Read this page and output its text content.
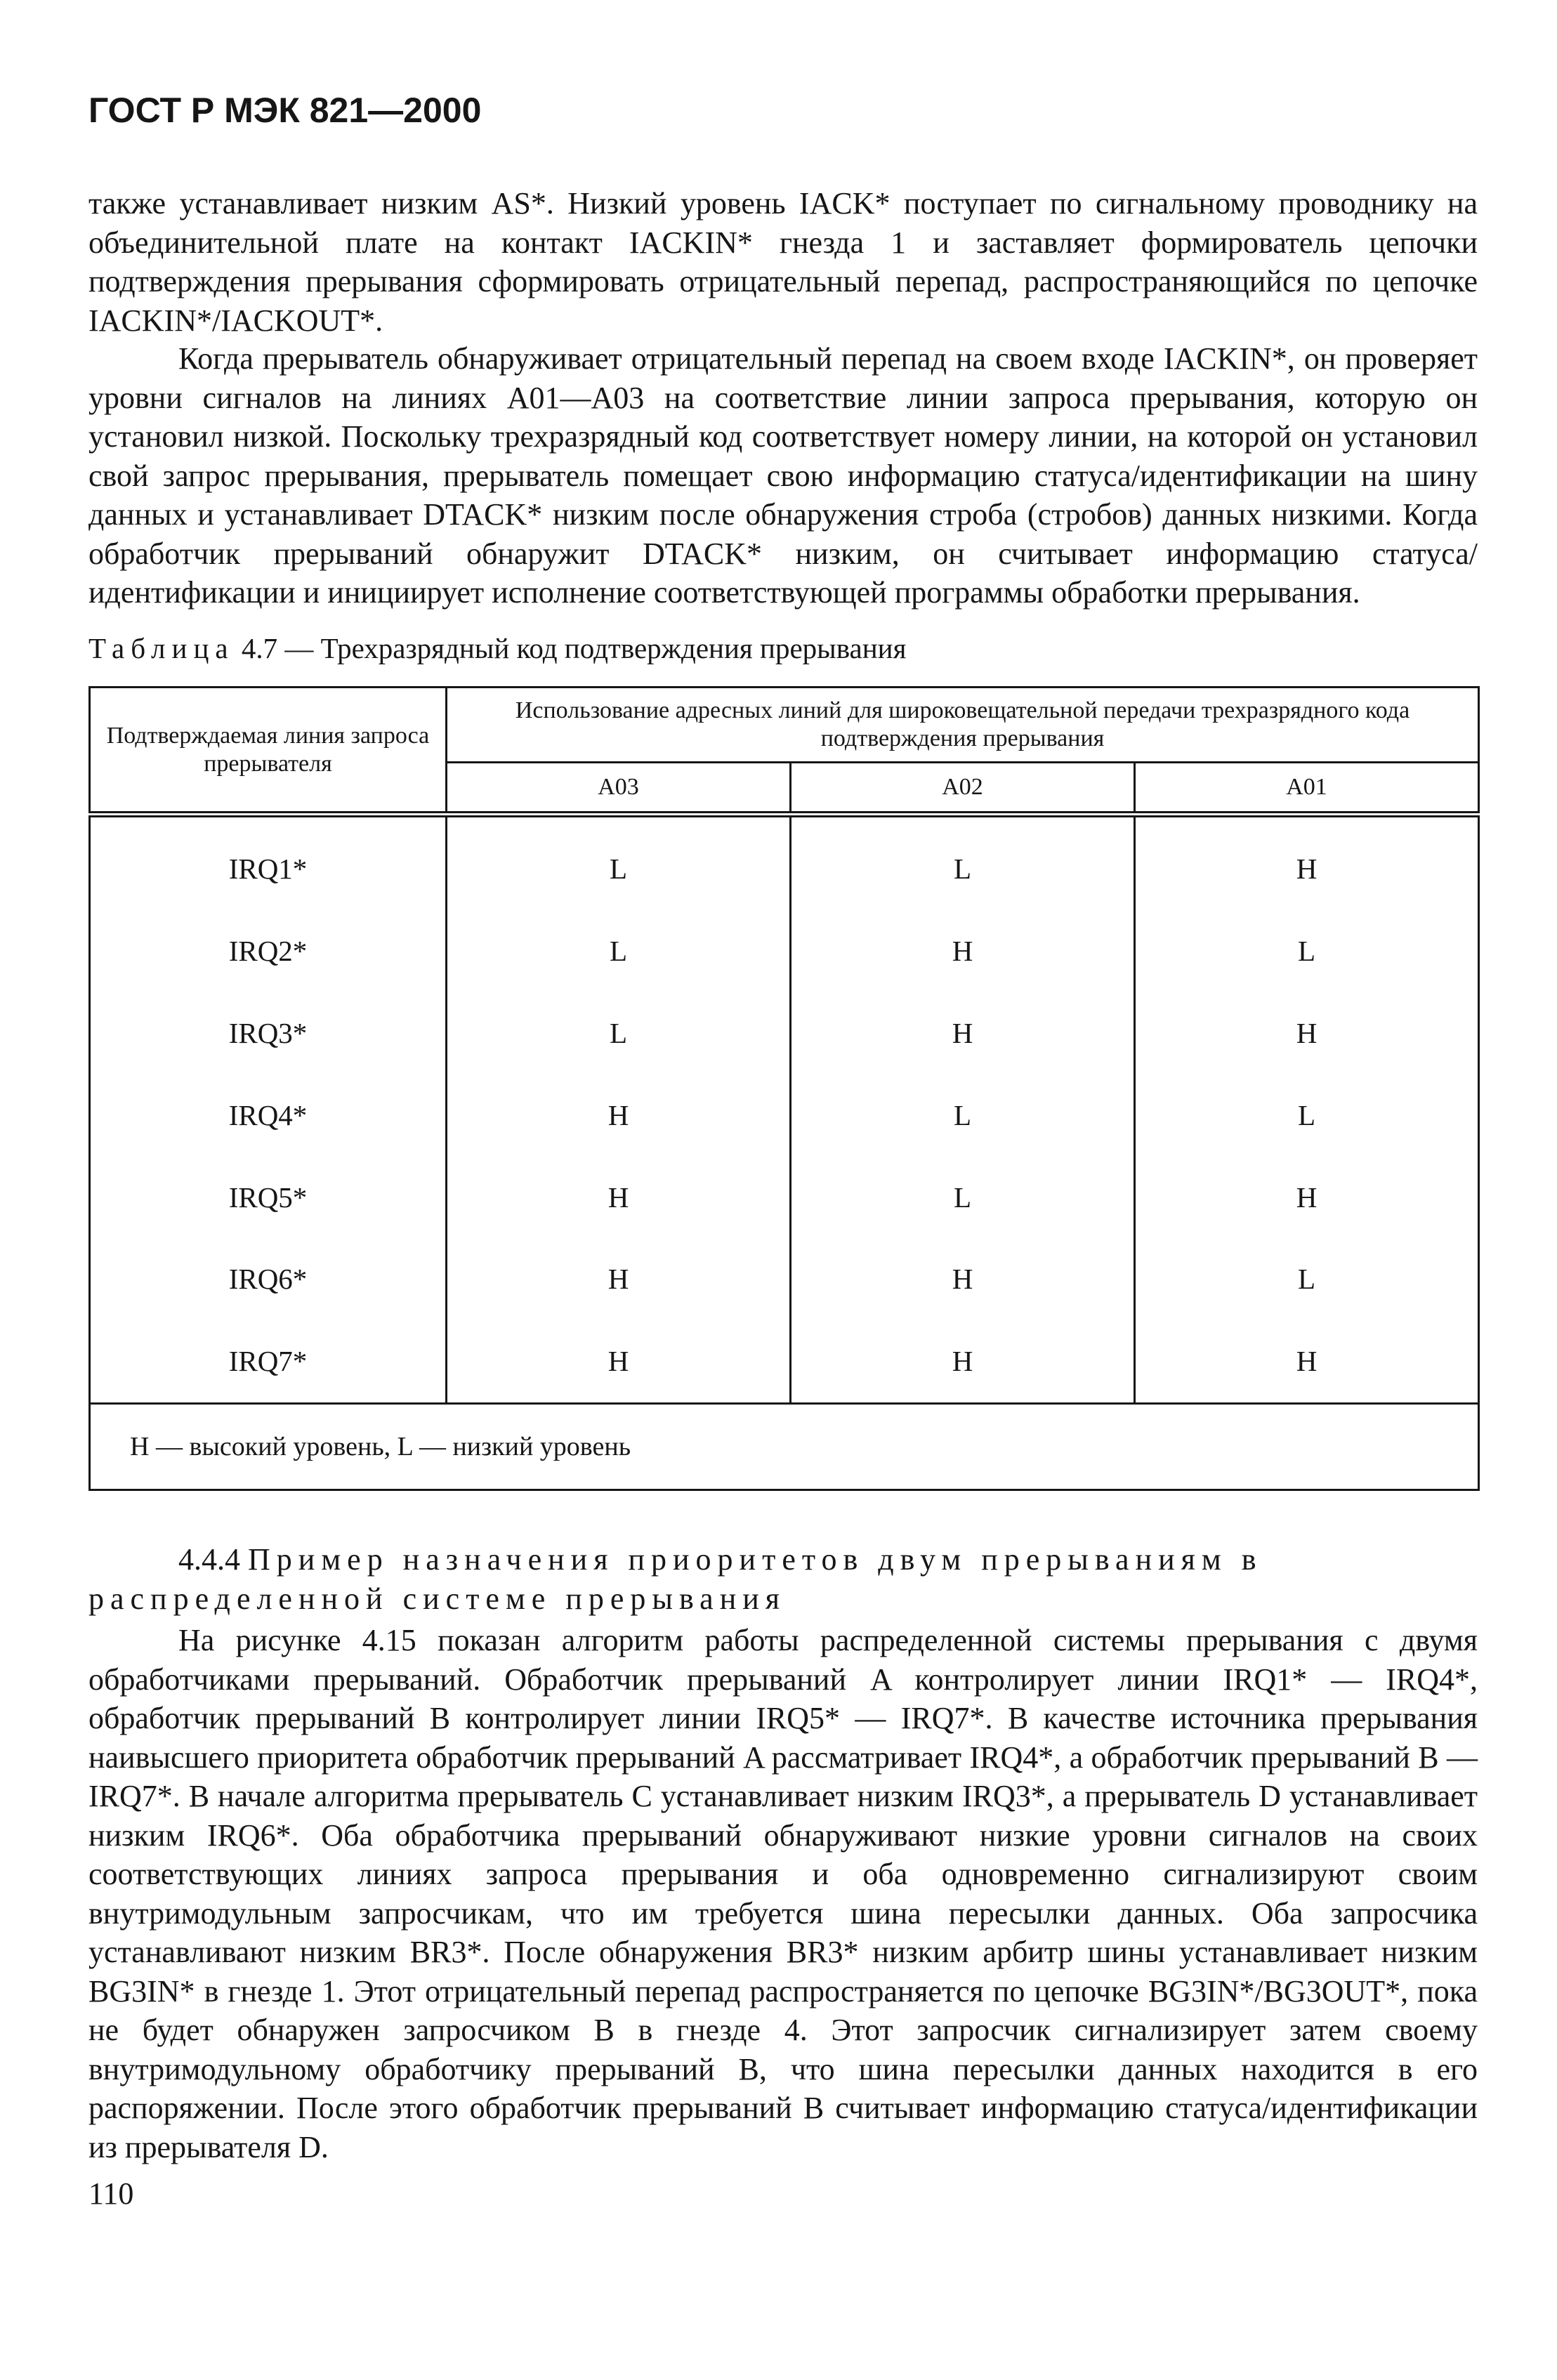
ГОСТ Р МЭК 821—2000

также устанавливает низким AS*. Низкий уровень IACK* поступает по сигнальному проводнику на объединительной плате на контакт IACKIN* гнезда 1 и заставляет формирователь цепочки подтверждения прерывания сформировать отрицательный перепад, распространяющийся по цепочке IACKIN*/IACKOUT*.

Когда прерыватель обнаруживает отрицательный перепад на своем входе IACKIN*, он проверяет уровни сигналов на линиях A01—A03 на соответствие линии запроса прерывания, которую он установил низкой. Поскольку трехразрядный код соответствует номеру линии, на которой он установил свой запрос прерывания, прерыватель помещает свою информацию статуса/идентификации на шину данных и устанавливает DTACK* низким после обнаружения строба (стробов) данных низкими. Когда обработчик прерываний обнаружит DTACK* низким, он считывает информацию статуса/идентификации и инициирует исполнение соответствующей программы обработки прерывания.

Таблица 4.7 — Трехразрядный код подтверждения прерывания
Подтверждаемая линия запроса прерывателя	Использование адресных линий для широковещательной передачи трехразрядного кода подтверждения прерывания		
	A03	A02	A01
IRQ1*	L	L	H
IRQ2*	L	H	L
IRQ3*	L	H	H
IRQ4*	H	L	L
IRQ5*	H	L	H
IRQ6*	H	H	L
IRQ7*	H	H	H
H — высокий уровень, L — низкий уровень			

4.4.4 Пример назначения приоритетов двум прерываниям в распределенной системе прерывания

На рисунке 4.15 показан алгоритм работы распределенной системы прерывания с двумя обработчиками прерываний. Обработчик прерываний A контролирует линии IRQ1* — IRQ4*, обработчик прерываний B контролирует линии IRQ5* — IRQ7*. В качестве источника прерывания наивысшего приоритета обработчик прерываний A рассматривает IRQ4*, а обработчик прерываний B — IRQ7*. В начале алгоритма прерыватель C устанавливает низким IRQ3*, а прерыватель D устанавливает низким IRQ6*. Оба обработчика прерываний обнаруживают низкие уровни сигналов на своих соответствующих линиях запроса прерывания и оба одновременно сигнализируют своим внутримодульным запросчикам, что им требуется шина пересылки данных. Оба запросчика устанавливают низким BR3*. После обнаружения BR3* низким арбитр шины устанавливает низким BG3IN* в гнезде 1. Этот отрицательный перепад распространяется по цепочке BG3IN*/BG3OUT*, пока не будет обнаружен запросчиком B в гнезде 4. Этот запросчик сигнализирует затем своему внутримодульному обработчику прерываний B, что шина пересылки данных находится в его распоряжении. После этого обработчик прерываний B считывает информацию статуса/идентификации из прерывателя D.

110
